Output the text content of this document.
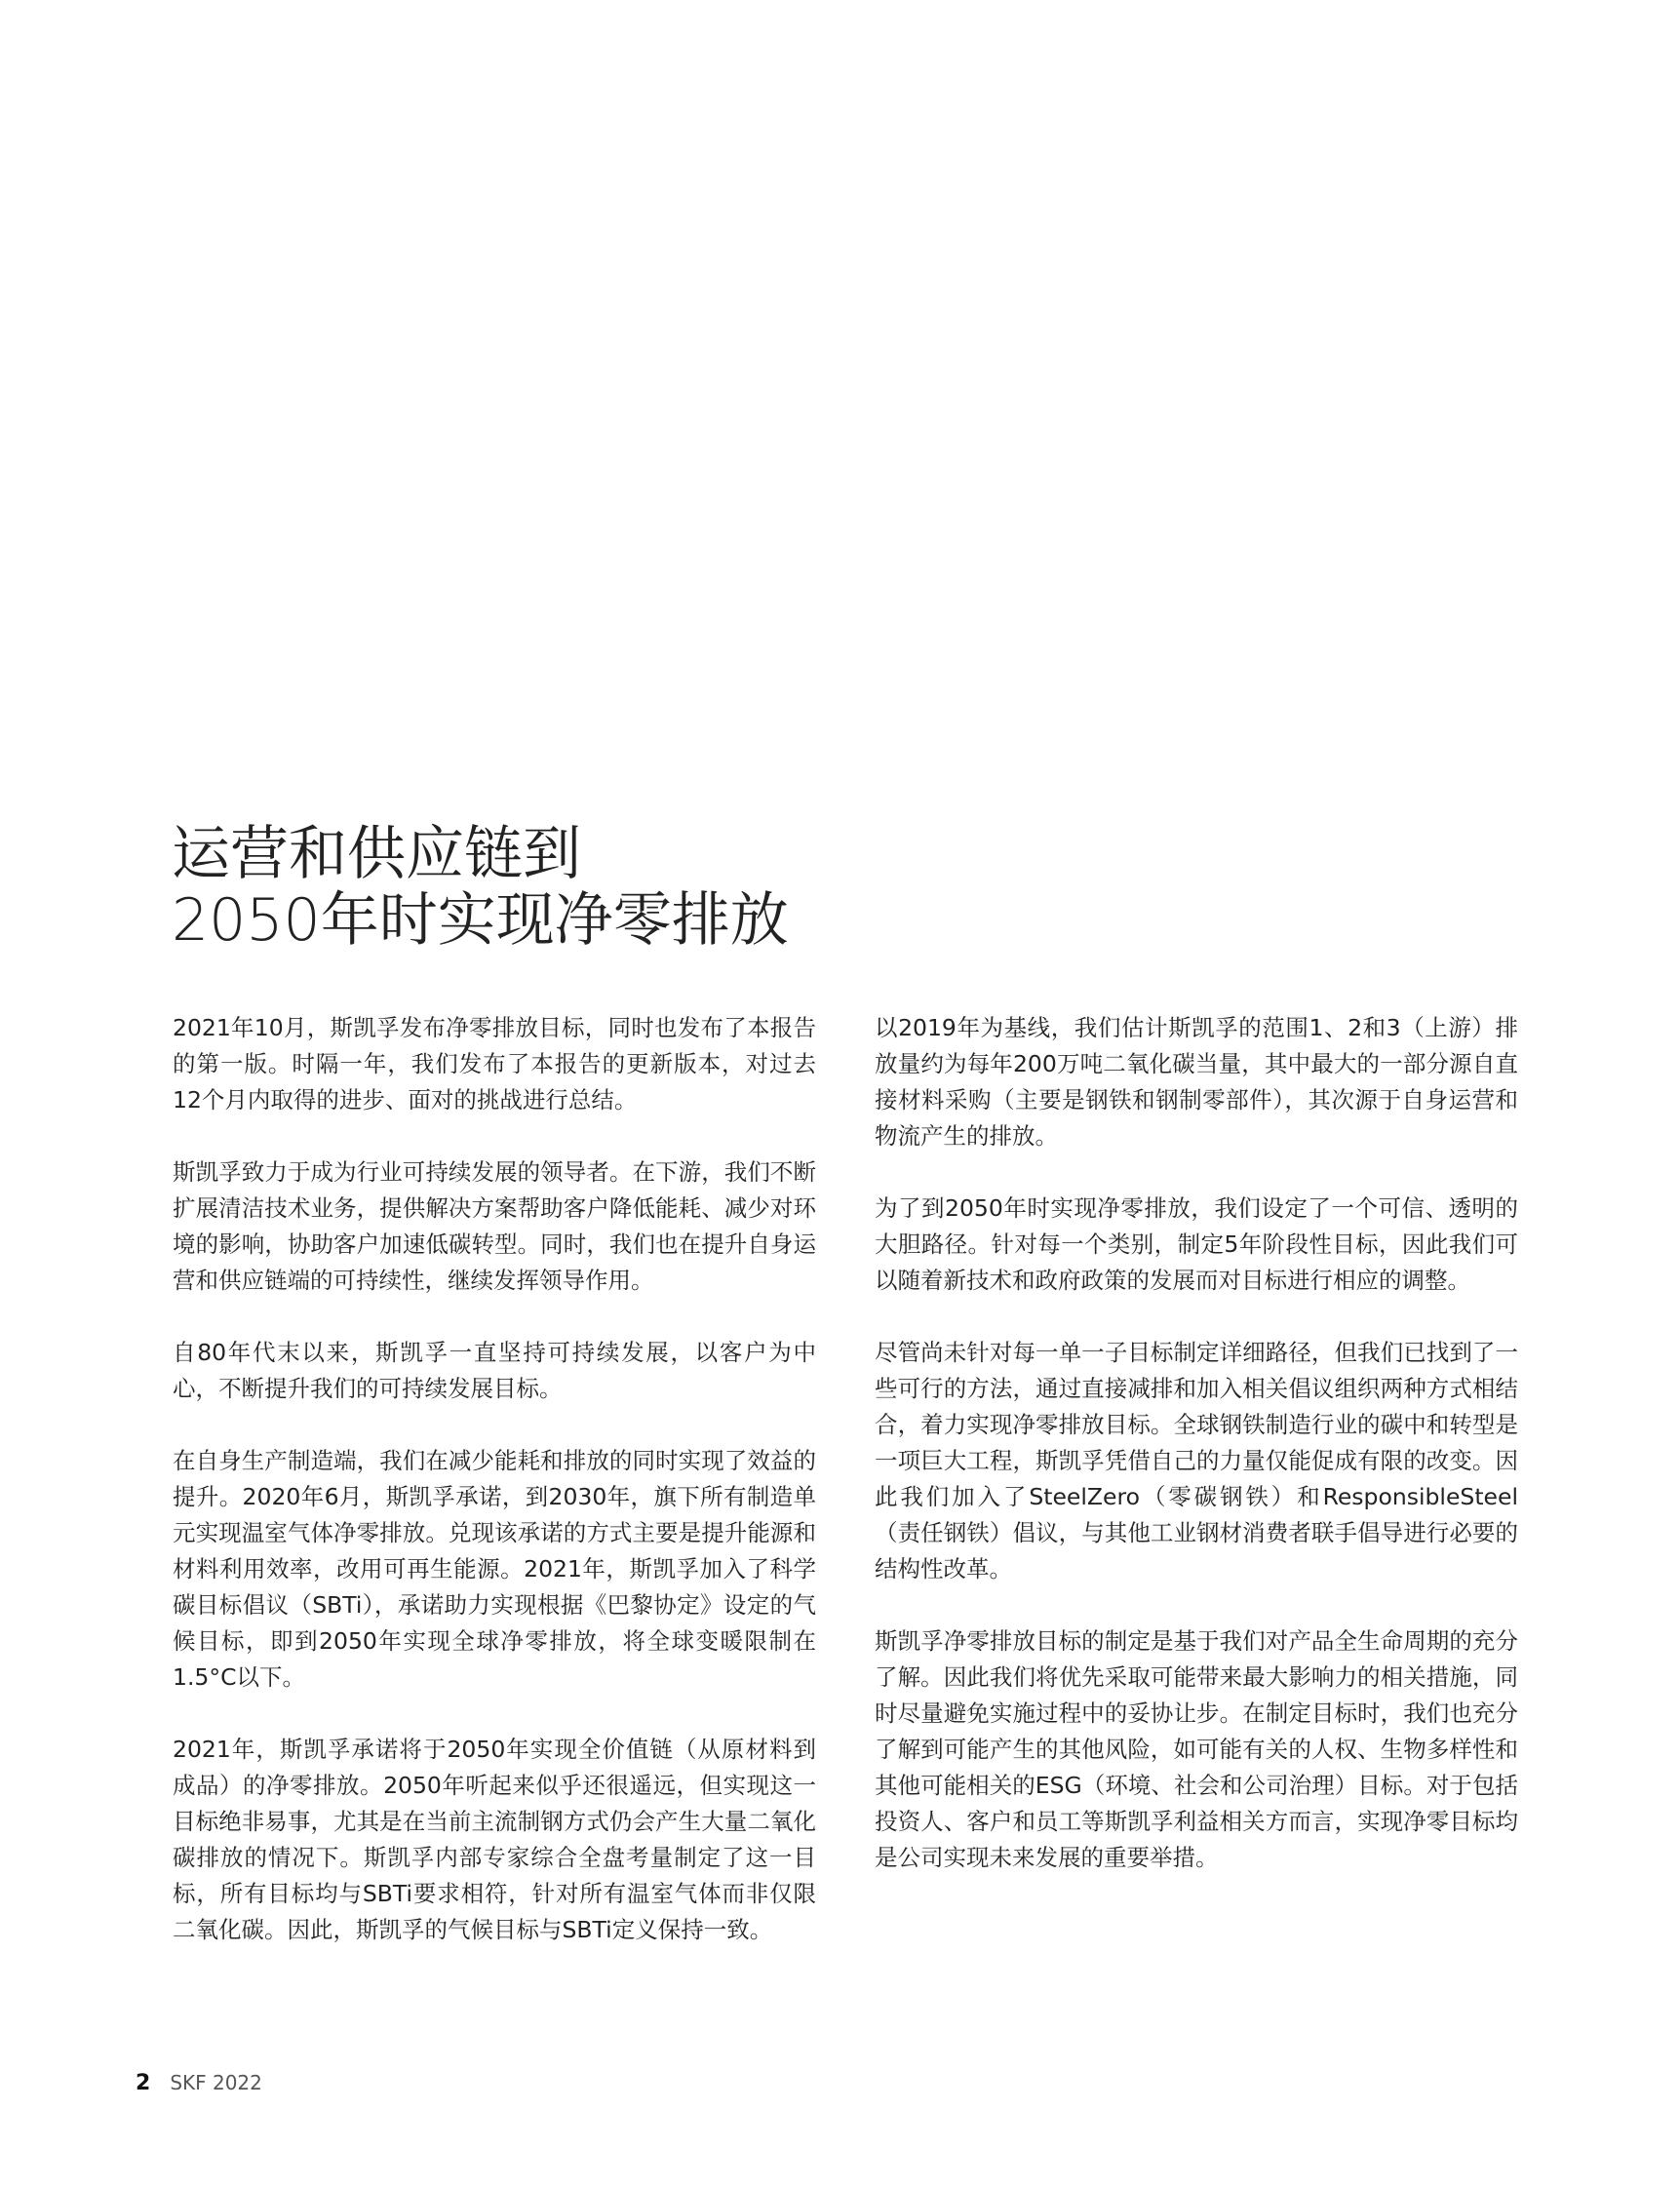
运营和供应链到
2050年时实现净零排放

2021年10月，斯凯孚发布净零排放目标，同时也发布了本报告的第一版。时隔一年，我们发布了本报告的更新版本，对过去12个月内取得的进步、面对的挑战进行总结。

斯凯孚致力于成为行业可持续发展的领导者。在下游，我们不断扩展清洁技术业务，提供解决方案帮助客户降低能耗、减少对环境的影响，协助客户加速低碳转型。同时，我们也在提升自身运营和供应链端的可持续性，继续发挥领导作用。

自80年代末以来，斯凯孚一直坚持可持续发展，以客户为中心，不断提升我们的可持续发展目标。

在自身生产制造端，我们在减少能耗和排放的同时实现了效益的提升。2020年6月，斯凯孚承诺，到2030年，旗下所有制造单元实现温室气体净零排放。兑现该承诺的方式主要是提升能源和材料利用效率，改用可再生能源。2021年，斯凯孚加入了科学碳目标倡议（SBTi），承诺助力实现根据《巴黎协定》设定的气候目标，即到2050年实现全球净零排放，将全球变暖限制在1.5°C以下。

2021年，斯凯孚承诺将于2050年实现全价值链（从原材料到成品）的净零排放。2050年听起来似乎还很遥远，但实现这一目标绝非易事，尤其是在当前主流制钢方式仍会产生大量二氧化碳排放的情况下。斯凯孚内部专家综合全盘考量制定了这一目标，所有目标均与SBTi要求相符，针对所有温室气体而非仅限二氧化碳。因此，斯凯孚的气候目标与SBTi定义保持一致。

以2019年为基线，我们估计斯凯孚的范围1、2和3（上游）排放量约为每年200万吨二氧化碳当量，其中最大的一部分源自直接材料采购（主要是钢铁和钢制零部件），其次源于自身运营和物流产生的排放。

为了到2050年时实现净零排放，我们设定了一个可信、透明的大胆路径。针对每一个类别，制定5年阶段性目标，因此我们可以随着新技术和政府政策的发展而对目标进行相应的调整。

尽管尚未针对每一单一子目标制定详细路径，但我们已找到了一些可行的方法，通过直接减排和加入相关倡议组织两种方式相结合，着力实现净零排放目标。全球钢铁制造行业的碳中和转型是一项巨大工程，斯凯孚凭借自己的力量仅能促成有限的改变。因此我们加入了SteelZero（零碳钢铁）和ResponsibleSteel（责任钢铁）倡议，与其他工业钢材消费者联手倡导进行必要的结构性改革。

斯凯孚净零排放目标的制定是基于我们对产品全生命周期的充分了解。因此我们将优先采取可能带来最大影响力的相关措施，同时尽量避免实施过程中的妥协让步。在制定目标时，我们也充分了解到可能产生的其他风险，如可能有关的人权、生物多样性和其他可能相关的ESG（环境、社会和公司治理）目标。对于包括投资人、客户和员工等斯凯孚利益相关方而言，实现净零目标均是公司实现未来发展的重要举措。

2 SKF 2022
